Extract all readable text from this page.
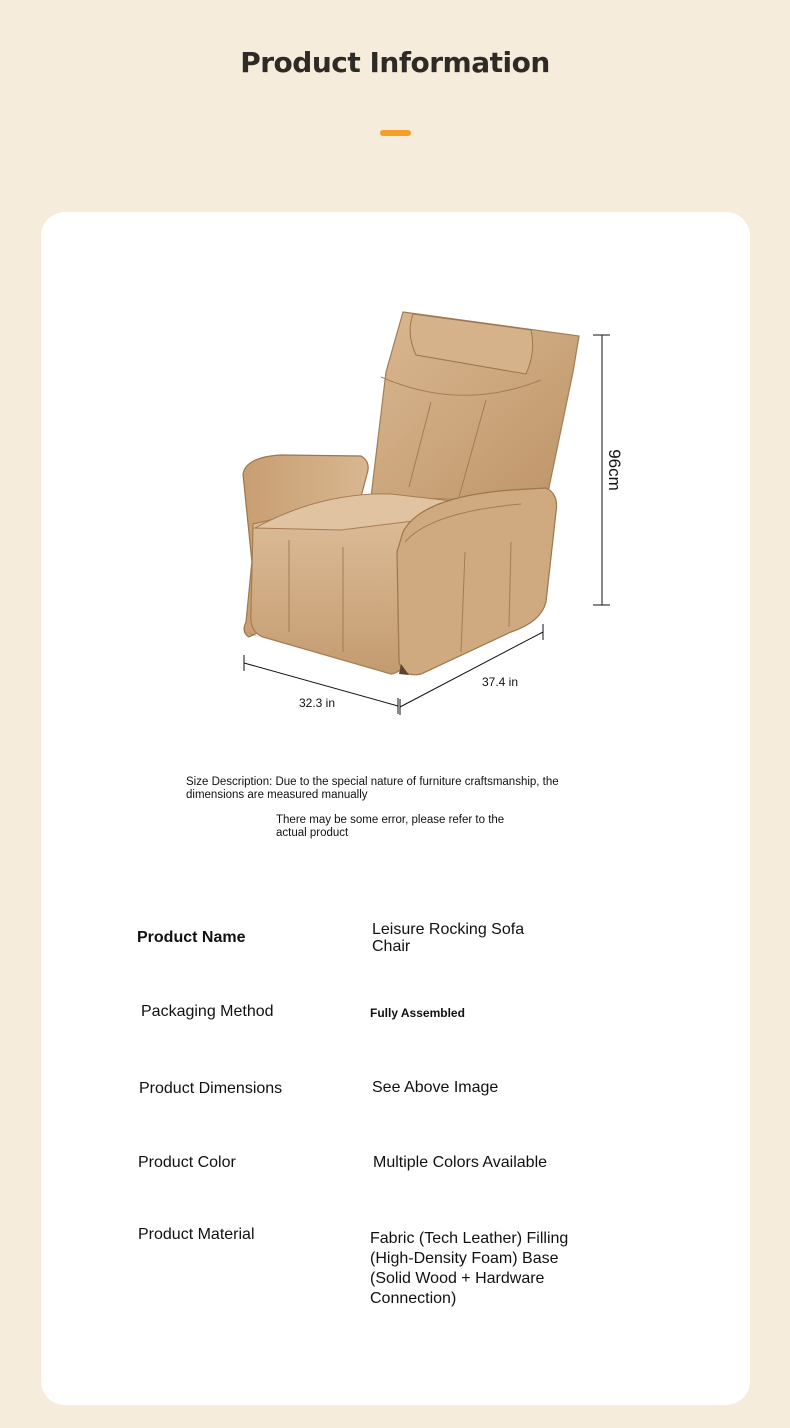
Product Information
96cm
32.3 in
37.4 in
Size Description: Due to the special nature of furniture craftsmanship, the dimensions are measured manually
There may be some error, please refer to the actual product
Product Name	Leisure Rocking Sofa Chair
Packaging Method	Fully Assembled
Product Dimensions	See Above Image
Product Color	Multiple Colors Available
Product Material	Fabric (Tech Leather) Filling (High-Density Foam) Base (Solid Wood + Hardware Connection)
